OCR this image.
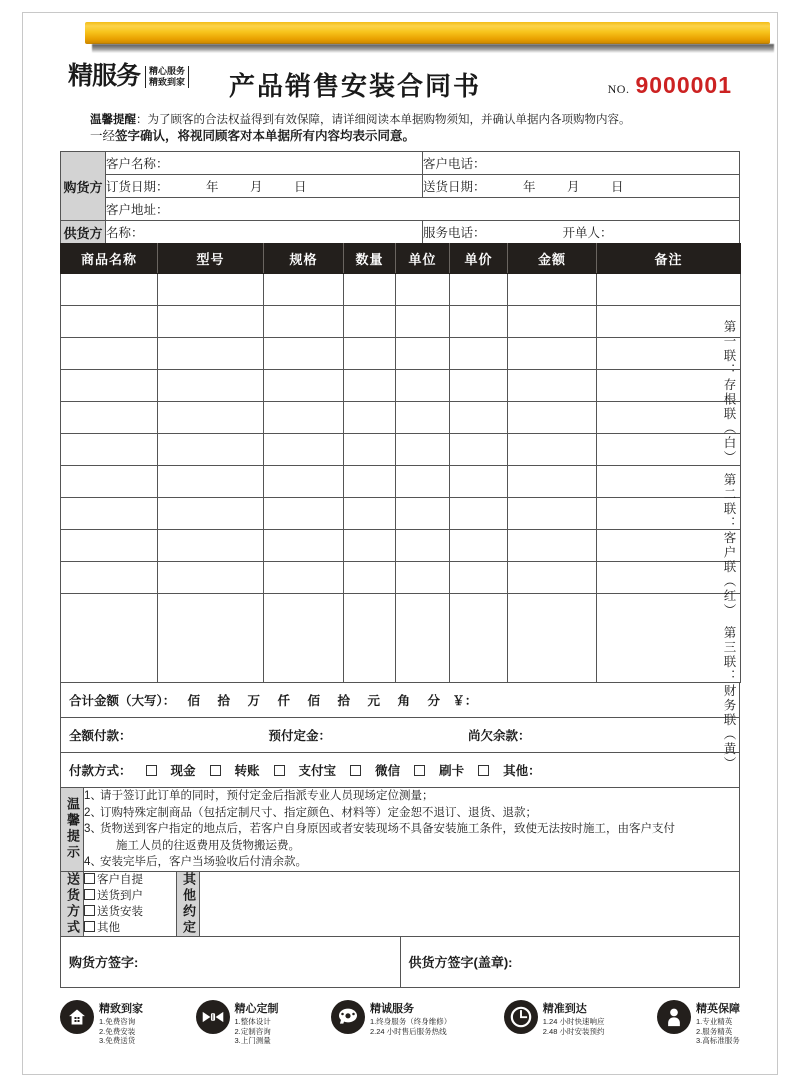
精服务 精心服务
精致到家	产品销售安装合同书	NO. 9000001
温馨提醒：为了顾客的合法权益得到有效保障，请详细阅读本单据购物须知，并确认单据内各项购物内容。
一经签字确认，将视同顾客对本单据所有内容均表示同意。
购货方	客户名称：	客户电话：
	订货日期： 年 月 日	送货日期： 年 月 日
	客户地址：	
供货方	名称：	服务电话： 开单人：
商品名称	型号	规格	数量	单位	单价	金额	备注

合计金额（大写）： 佰 拾 万 仟 佰 拾 元 角 分 ￥：
全额付款：	预付定金：	尚欠余款：
付款方式：	现金	转账	支付宝	微信	刷卡	其他：
温馨提示	
1、
请于签订此订单的同时，预付定金后指派专业人员现场定位测量；
2、
订购特殊定制商品（包括定制尺寸、指定颜色、材料等）定金恕不退订、退货、退款；
3、
货物送到客户指定的地点后，若客户自身原因或者安装现场不具备安装施工条件，致使无法按时施工，由客户支付
施工人员的往返费用及货物搬运费。
4、
安装完毕后，客户当场验收后付清余款。
送货方式	客户自提
送货到户
送货安装
其他	其他约定	
购货方签字:	供货方签字(盖章):
第一联：存根联（白）
第二联：客户联（红）
第三联：财务联（黄）
精致到家

1.免费咨询

2.免费安装

3.免费送货

精心定制

1.整体设计

2.定制咨询

3.上门测量

精诚服务

1.终身服务（终身维修）

2.24 小时售后服务热线

精准到达

1.24 小时快速响应

2.48 小时安装预约

精英保障

1.专业精英

2.服务精英

3.高标准服务
